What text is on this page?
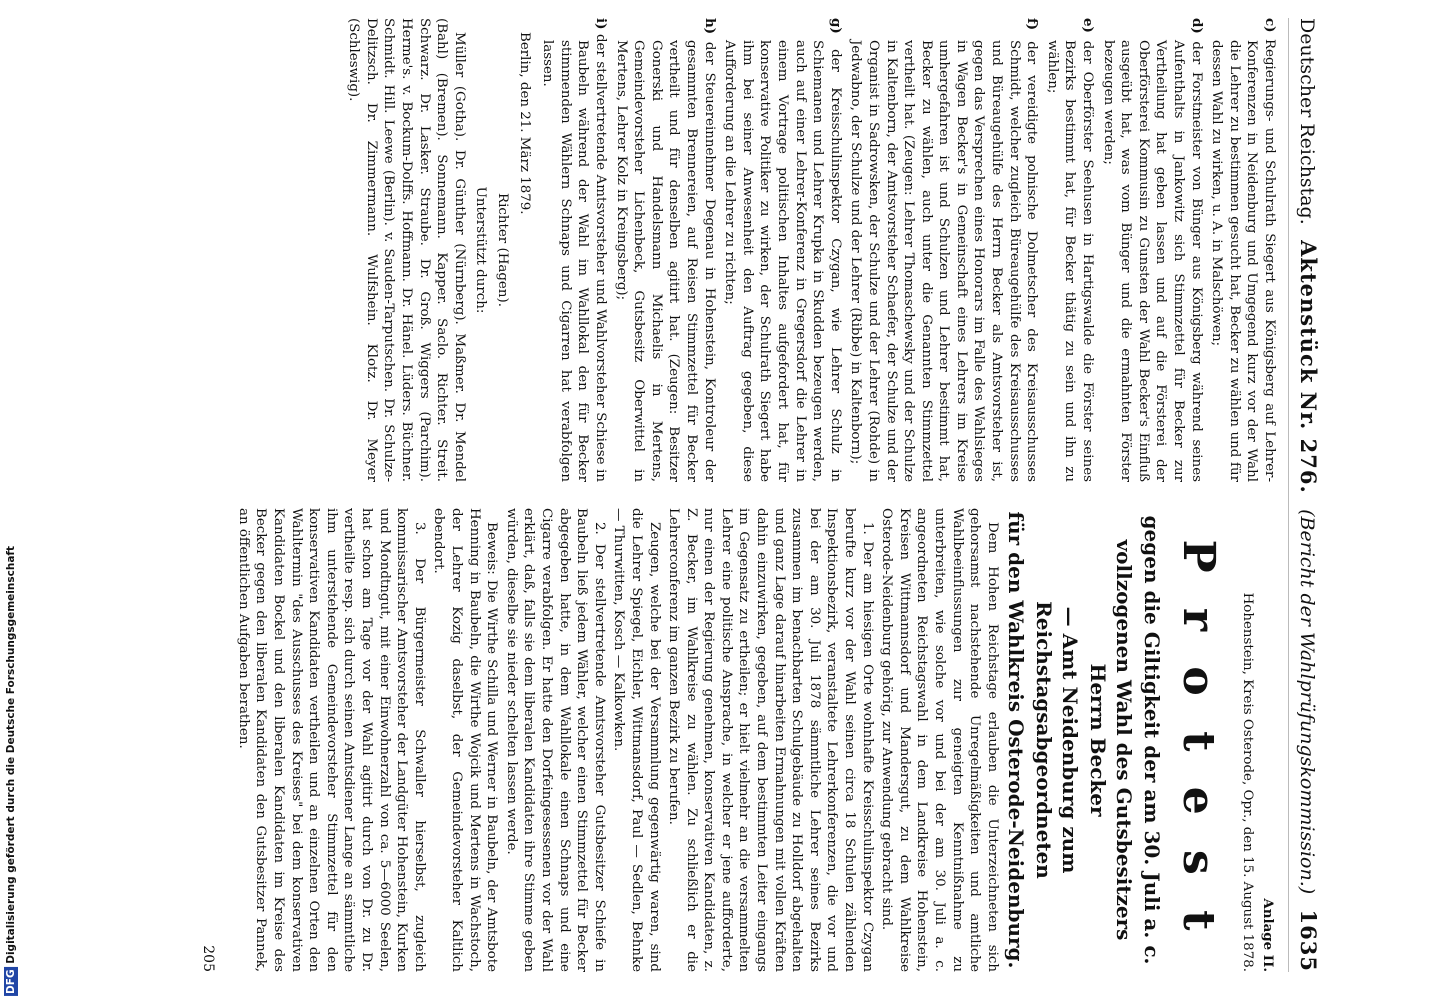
Deutscher Reichstag.
Aktenstück Nr. 276.
(Bericht der Wahlprüfungskommission.)
1635
c) Regierungs- und Schulrath Siegert aus Königsberg auf Lehrer-Konferenzen in Neidenburg und Umgegend kurz vor der Wahl die Lehrer zu bestimmen gesucht hat, Becker zu wählen und für dessen Wahl zu wirken, u. A. in Malschöwen;
d) der Forstmeister von Bünger aus Königsberg während seines Aufenthalts in Jankowitz sich Stimmzettel für Becker zur Vertheilung hat geben lassen und auf die Försterei der Oberförsterei Kommusin zu Gunsten der Wahl Becker's Einfluß ausgeübt hat, was vom Bünger und die ermahnten Förster bezeugen werden;
e) der Oberförster Seehusen in Hartigswalde die Förster seines Bezirks bestimmt hat, für Becker thätig zu sein und ihn zu wählen;
f) der vereidigte polnische Dolmetscher des Kreisausschusses Schmidt, welcher zugleich Büreaugehülfe des Kreisausschusses und Büreaugehülfe des Herrn Becker als Amtsvorsteher ist, gegen das Versprechen eines Honorars im Falle des Wahlsieges in Wagen Becker's in Gemeinschaft eines Lehrers im Kreise umhergefahren ist und Schulzen und Lehrer bestimmt hat, Becker zu wählen, auch unter die Genannten Stimmzettel vertheilt hat. (Zeugen: Lehrer Thomaschewsky und der Schulze in Kaltenborn, der Amtsvorsteher Schaefer, der Schulze und der Organist in Sadrowsken, der Schulze und der Lehrer (Rohde) in Jedwabno, der Schulze und der Lehrer (Ribbe) in Kaltenborn);
g) der Kreisschulinspektor Czygan, wie Lehrer Schulz in Schiemanen und Lehrer Krupka in Skudden bezeugen werden, auch auf einer Lehrer-Konferenz in Gregersdorf die Lehrer in einem Vortrage politischen Inhaltes aufgefordert hat, für konservative Politiker zu wirken, der Schulrath Siegert habe ihm bei seiner Anwesenheit den Auftrag gegeben, diese Aufforderung an die Lehrer zu richten;
h) der Steuereinnehmer Degenau in Hohenstein, Kontroleur der gesammten Brennereien, auf Reisen Stimmzettel für Becker vertheilt und für denselben agitirt hat. (Zeugen: Besitzer Gonerski und Handelsmann Michaelis in Mertens, Gemeindevorsteher Lichenbeck, Gutsbesitz Oberwittel in Mertens, Lehrer Kolz in Kreingsberg);
i) der stellvertretende Amtsvorsteher und Wahlvorsteher Schiese in Baubeln während der Wahl im Wahllokal den für Becker stimmenden Wählern Schnaps und Cigarren hat verabfolgen lassen.

Berlin, den 21. März 1879.

Richter (Hagen).

Unterstützt durch:

Müller (Gotha). Dr. Günther (Nürnberg). Maßmer. Dr. Mendel (Bahl) (Bremen). Sonnemann. Kapper. Saclo. Richter. Streit. Schwarz. Dr. Lasker. Straube. Dr. Groß. Wiggers (Parchim). Herme's. v. Bockum-Dolffs. Hoffmann. Dr. Hänel. Lüders. Büchner. Schmidt. Hill. Leewe (Berlin). v. Sauden-Tarputschen. Dr. Schulze-Delitzsch. Dr. Zimmermann. Wulfshein. Klotz. Dr. Meyer (Schleswig).

Anlage II.

Hohenstein, Kreis Osterode, Opr., den 15. August 1878.

P r o t e s t
gegen die Giltigkeit der am 30. Juli a. c.
vollzogenen Wahl des Gutsbesitzers Herrn Becker
— Amt Neidenburg zum Reichstagsabgeordneten
für den Wahlkreis Osterode-Neidenburg.

Dem Hohen Reichstage erlauben die Unterzeichneten sich gehorsamst nachstehende Unregelmäßigkeiten und amtliche Wahlbeeinflussungen zur geneigten Kenntnißnahme zu unterbreiten, wie solche vor und bei der am 30. Juli a. c. angeordneten Reichstagswahl in dem Landkreise Hohenstein, Kreisen Wittmannsdorf und Mandersgut, zu dem Wahlkreise Osterode-Neidenburg gehörig, zur Anwendung gebracht sind.

1. Der am hiesigen Orte wohnhafte Kreisschulinspektor Czygan berufte kurz vor der Wahl seinen circa 18 Schulen zählenden Inspektionsbezirk, veranstaltete Lehrerkonferenzen, die vor und bei der am 30. Juli 1878 sämmtliche Lehrer seines Bezirks zusammen im benachbarten Schulgebäude zu Holldorf abgehalten und ganz Lage darauf hinarbeiten Ermahnungen mit vollen Kräften dahin einzuwirken, gegeben, auf dem bestimmten Leiter eingangs im Gegensatz zu ertheilen; er hielt vielmehr an die versammelten Lehrer eine politische Ansprache, in welcher er jene aufforderte, nur einen der Regierung genehmen, konservativen Kandidaten, z. Z. Becker, im Wahlkreise zu wählen. Zu schließlich er die Lehrerconferenz im ganzen Bezirk zu berufen.

Zeugen, welche bei der Versammlung gegenwärtig waren, sind die Lehrer Spiegel, Eichler, Wittmansdorf, Paul — Sedlen, Behnke — Thurwitten, Kosch — Kalkowken.

2. Der stellvertretende Amtsvorsteher Gutsbesitzer Schiefe in Baubeln ließ jedem Wähler, welcher einen Stimmzettel für Becker abgegeben hatte, in dem Wahllokale einen Schnaps und eine Cigarre verabfolgen. Er hatte den Dorfeingesessenen vor der Wahl erklärt, daß, falls sie dem liberalen Kandidaten ihre Stimme geben würden, dieselbe sie nieder schelten lassen werde.

Beweis: Die Wirthe Schilla und Werner in Baubeln, der Amtsbote Henning in Baubeln, die Wirthe Wojcik und Mertens in Wachstoch, der Lehrer Kozig daselbst, der Gemeindevorsteher Kaltlich ebendort.

3. Der Bürgermeister Schwaller hierselbst, zugleich kommissarischer Amtsvorsteher der Landgüter Hohenstein, Kurken und Mondtngut, mit einer Einwohnerzahl von ca. 5—6000 Seelen, hat schon am Tage vor der Wahl agitirt durch von Dr. zu Dr. vertheilte resp. sich durch seinen Amtsdiener Lange an sämmtliche ihm unterstehende Gemeindevorsteher Stimmzettel für den konservativen Kandidaten vertheilen und an einzelnen Orten den Wahltermin "des Ausschusses des Kreises" bei dem konservativen Kandidaten Bockel und den liberalen Kandidaten im Kreise des Becker gegen den liberalen Kandidaten den Gutsbesitzer Pannek, an öffentlichen Aufgaben berathen.

205

DFG Digitalisierung gefördert durch die Deutsche Forschungsgemeinschaft
